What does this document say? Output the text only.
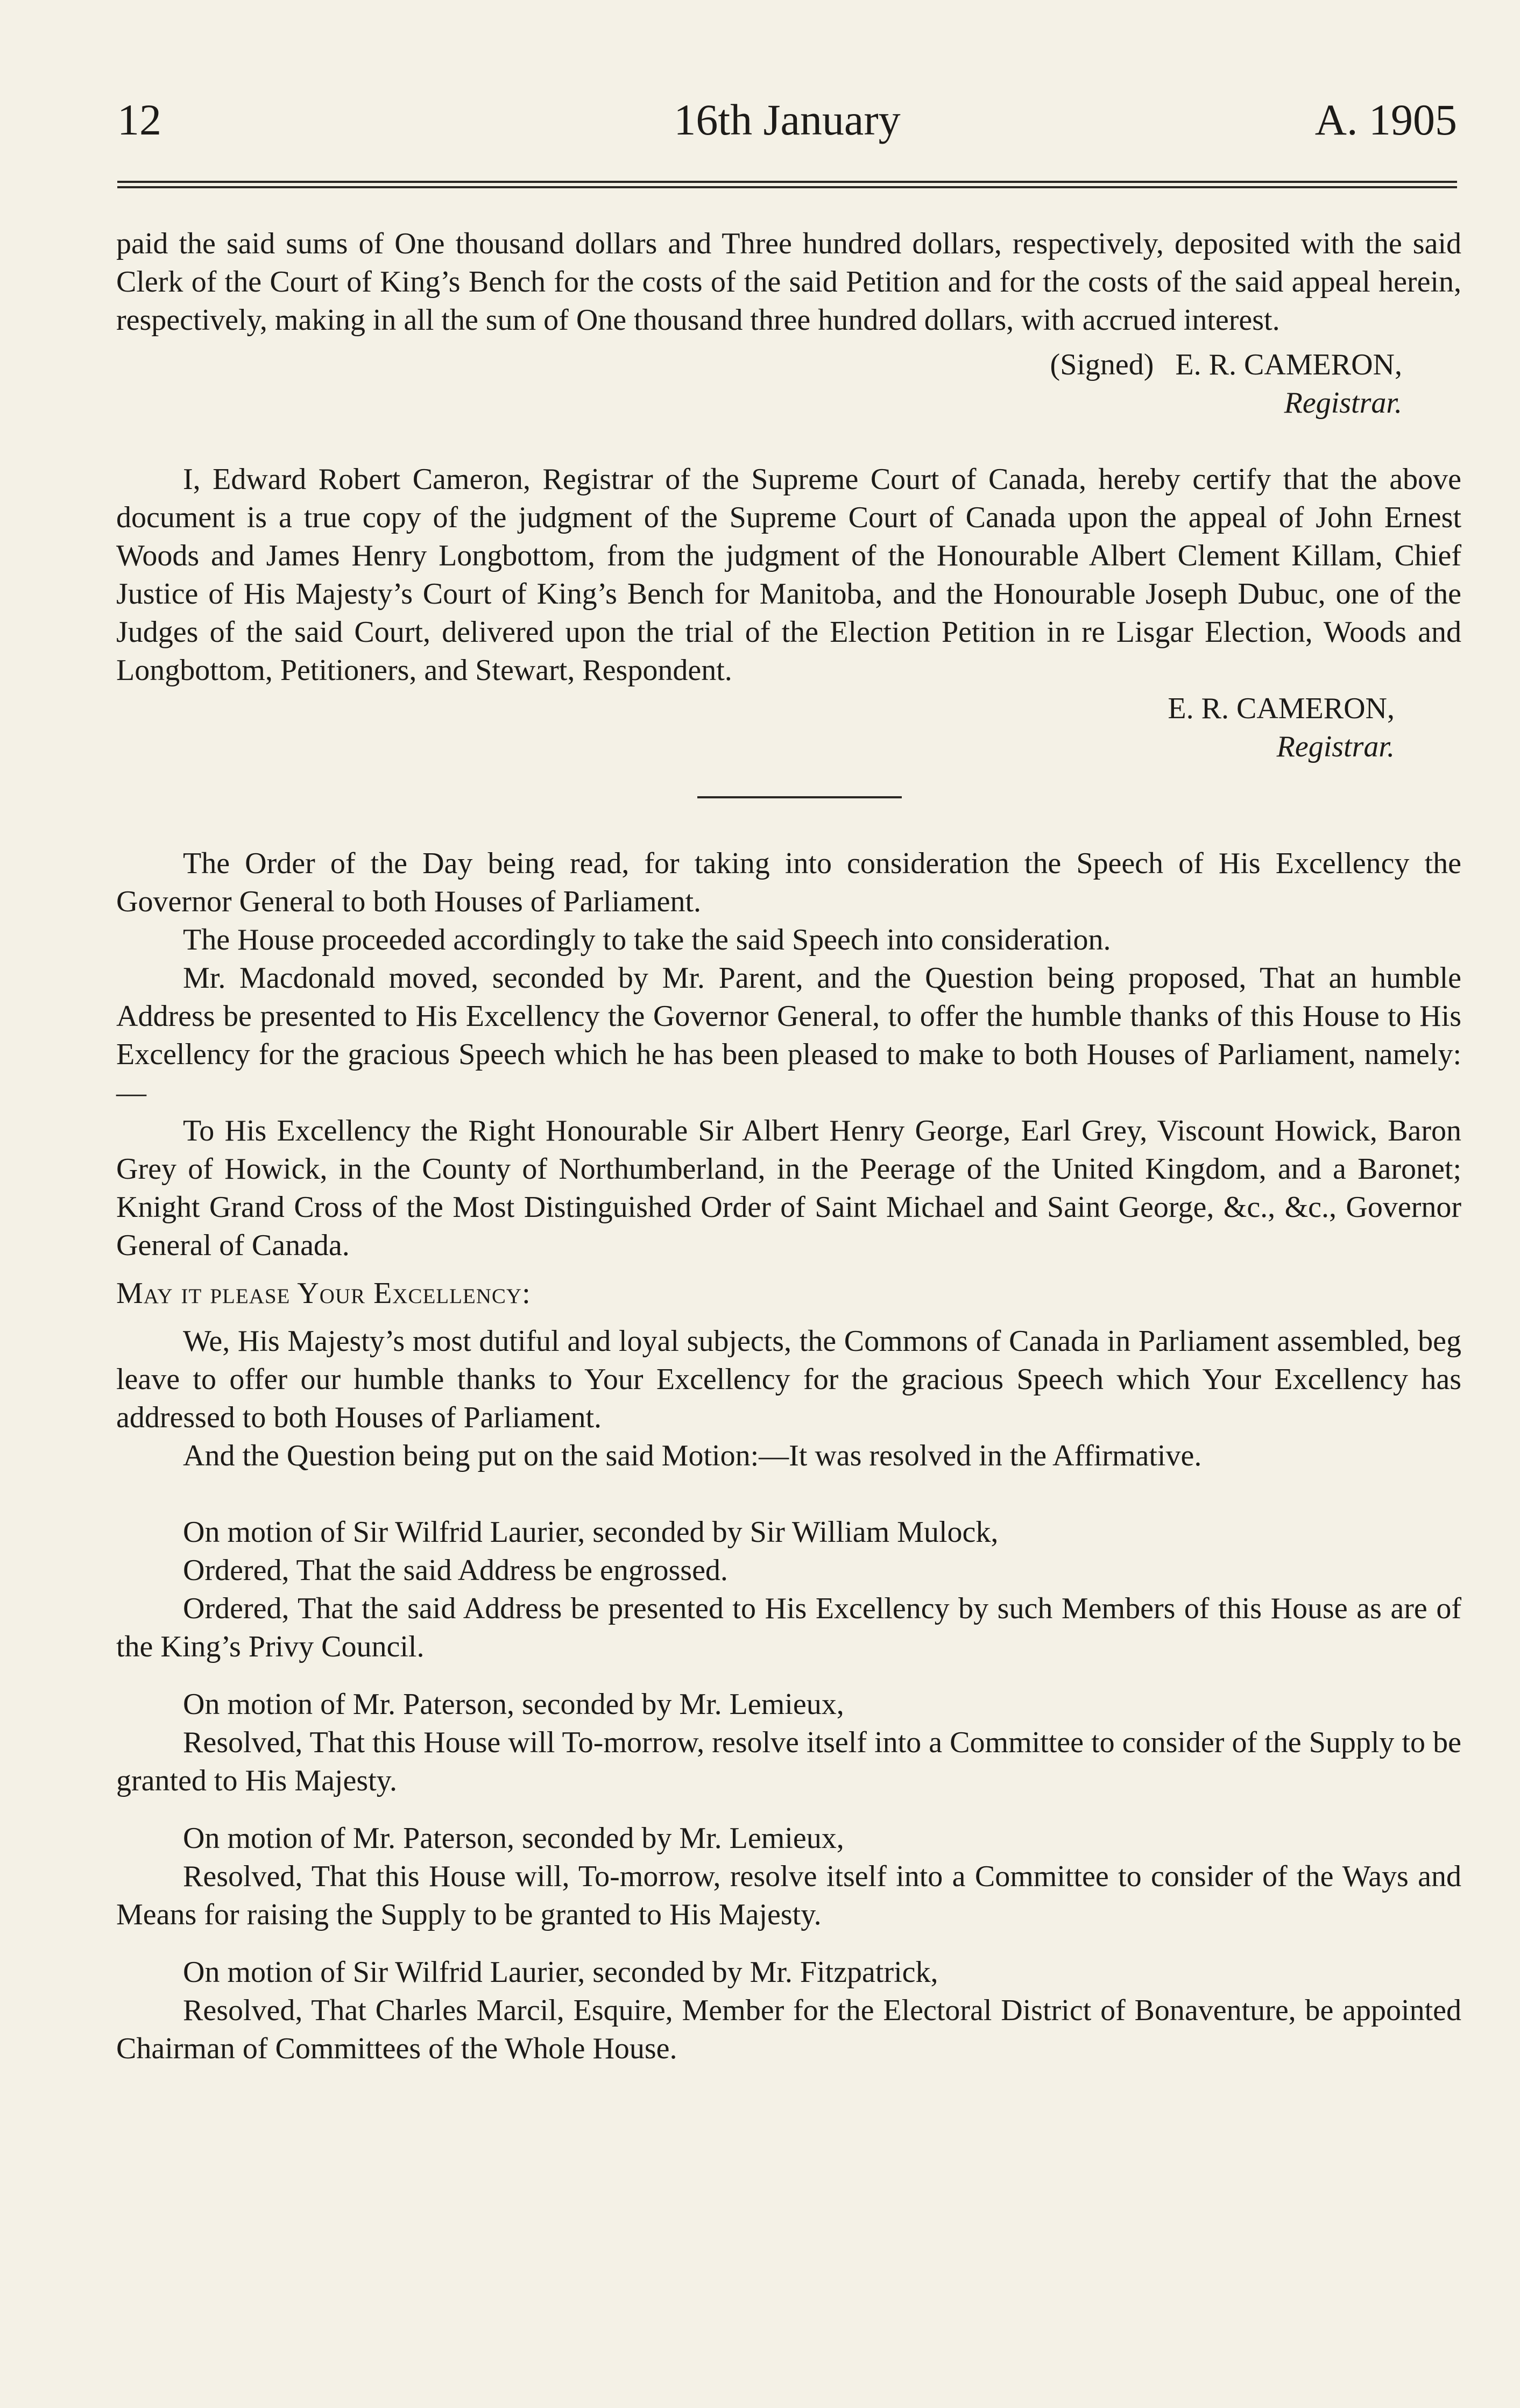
12	16th January	A. 1905

paid the said sums of One thousand dollars and Three hundred dollars, respectively, deposited with the said Clerk of the Court of King’s Bench for the costs of the said Petition and for the costs of the said appeal herein, respectively, making in all the sum of One thousand three hundred dollars, with accrued interest.

(Signed) E. R. CAMERON,

Registrar.

I, Edward Robert Cameron, Registrar of the Supreme Court of Canada, hereby certify that the above document is a true copy of the judgment of the Supreme Court of Canada upon the appeal of John Ernest Woods and James Henry Longbottom, from the judgment of the Honourable Albert Clement Killam, Chief Justice of His Majesty’s Court of King’s Bench for Manitoba, and the Honourable Joseph Dubuc, one of the Judges of the said Court, delivered upon the trial of the Election Petition in re Lisgar Election, Woods and Longbottom, Petitioners, and Stewart, Respondent.

E. R. CAMERON,

Registrar.

The Order of the Day being read, for taking into consideration the Speech of His Excellency the Governor General to both Houses of Parliament.

The House proceeded accordingly to take the said Speech into consideration.

Mr. Macdonald moved, seconded by Mr. Parent, and the Question being proposed, That an humble Address be presented to His Excellency the Governor General, to offer the humble thanks of this House to His Excellency for the gracious Speech which he has been pleased to make to both Houses of Parliament, namely:—

To His Excellency the Right Honourable Sir Albert Henry George, Earl Grey, Viscount Howick, Baron Grey of Howick, in the County of Northumberland, in the Peerage of the United Kingdom, and a Baronet; Knight Grand Cross of the Most Distinguished Order of Saint Michael and Saint George, &c., &c., Governor General of Canada.

May it please Your Excellency:

We, His Majesty’s most dutiful and loyal subjects, the Commons of Canada in Parliament assembled, beg leave to offer our humble thanks to Your Excellency for the gracious Speech which Your Excellency has addressed to both Houses of Parliament.

And the Question being put on the said Motion:—It was resolved in the Affirmative.

On motion of Sir Wilfrid Laurier, seconded by Sir William Mulock,

Ordered, That the said Address be engrossed.

Ordered, That the said Address be presented to His Excellency by such Members of this House as are of the King’s Privy Council.

On motion of Mr. Paterson, seconded by Mr. Lemieux,

Resolved, That this House will To-morrow, resolve itself into a Committee to consider of the Supply to be granted to His Majesty.

On motion of Mr. Paterson, seconded by Mr. Lemieux,

Resolved, That this House will, To-morrow, resolve itself into a Committee to consider of the Ways and Means for raising the Supply to be granted to His Majesty.

On motion of Sir Wilfrid Laurier, seconded by Mr. Fitzpatrick,

Resolved, That Charles Marcil, Esquire, Member for the Electoral District of Bonaventure, be appointed Chairman of Committees of the Whole House.
